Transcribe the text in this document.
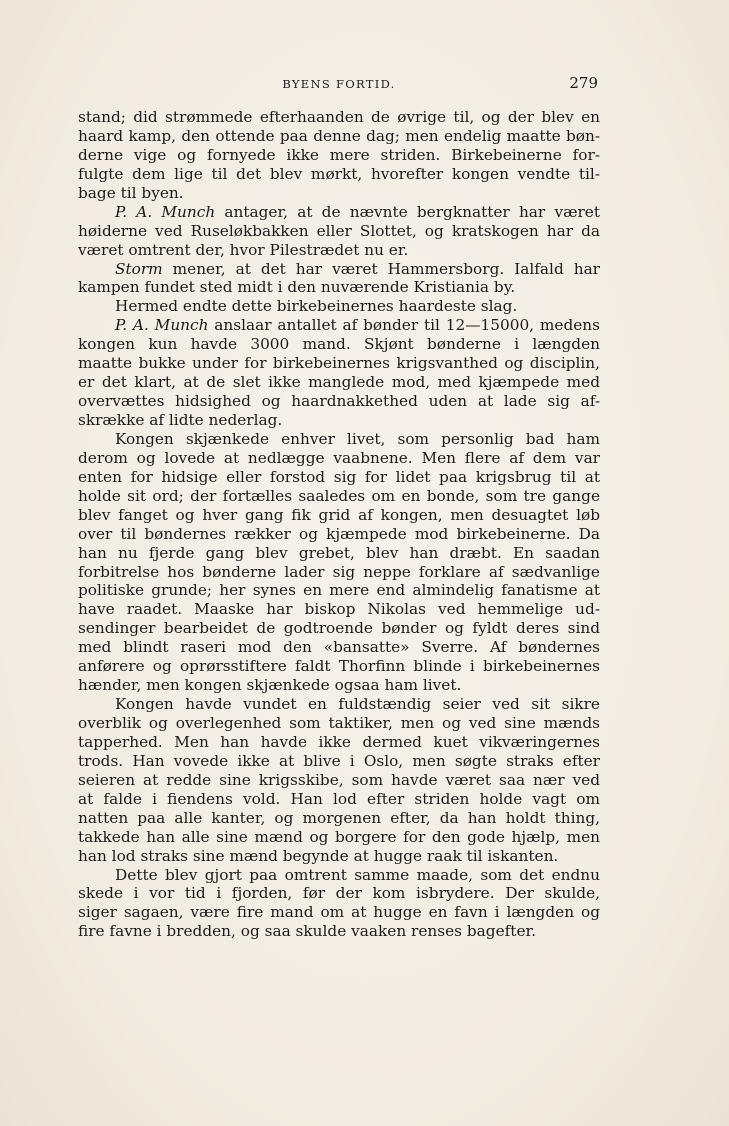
BYENS FORTID.	279
stand; did strømmede efterhaanden de øvrige til, og der blev en
haard kamp, den ottende paa denne dag; men endelig maatte bøn-
derne vige og fornyede ikke mere striden. Birkebeinerne for-
fulgte dem lige til det blev mørkt, hvorefter kongen vendte til-
bage til byen.
P. A. Munch antager, at de nævnte bergknatter har været
høiderne ved Ruseløkbakken eller Slottet, og kratskogen har da
været omtrent der, hvor Pilestrædet nu er.
Storm mener, at det har været Hammersborg. Ialfald har
kampen fundet sted midt i den nuværende Kristiania by.
Hermed endte dette birkebeinernes haardeste slag.
P. A. Munch anslaar antallet af bønder til 12—15000, medens
kongen kun havde 3000 mand. Skjønt bønderne i længden
maatte bukke under for birkebeinernes krigsvanthed og disciplin,
er det klart, at de slet ikke manglede mod, med kjæmpede med
overvættes hidsighed og haardnakkethed uden at lade sig af-
skrække af lidte nederlag.
Kongen skjænkede enhver livet, som personlig bad ham
derom og lovede at nedlægge vaabnene. Men flere af dem var
enten for hidsige eller forstod sig for lidet paa krigsbrug til at
holde sit ord; der fortælles saaledes om en bonde, som tre gange
blev fanget og hver gang fik grid af kongen, men desuagtet løb
over til bøndernes rækker og kjæmpede mod birkebeinerne. Da
han nu fjerde gang blev grebet, blev han dræbt. En saadan
forbitrelse hos bønderne lader sig neppe forklare af sædvanlige
politiske grunde; her synes en mere end almindelig fanatisme at
have raadet. Maaske har biskop Nikolas ved hemmelige ud-
sendinger bearbeidet de godtroende bønder og fyldt deres sind
med blindt raseri mod den «bansatte» Sverre. Af bøndernes
anførere og oprørsstiftere faldt Thorfinn blinde i birkebeinernes
hænder, men kongen skjænkede ogsaa ham livet.
Kongen havde vundet en fuldstændig seier ved sit sikre
overblik og overlegenhed som taktiker, men og ved sine mænds
tapperhed. Men han havde ikke dermed kuet vikværingernes
trods. Han vovede ikke at blive i Oslo, men søgte straks efter
seieren at redde sine krigsskibe, som havde været saa nær ved
at falde i fiendens vold. Han lod efter striden holde vagt om
natten paa alle kanter, og morgenen efter, da han holdt thing,
takkede han alle sine mænd og borgere for den gode hjælp, men
han lod straks sine mænd begynde at hugge raak til iskanten.
Dette blev gjort paa omtrent samme maade, som det endnu
skede i vor tid i fjorden, før der kom isbrydere. Der skulde,
siger sagaen, være fire mand om at hugge en favn i længden og
fire favne i bredden, og saa skulde vaaken renses bagefter.
